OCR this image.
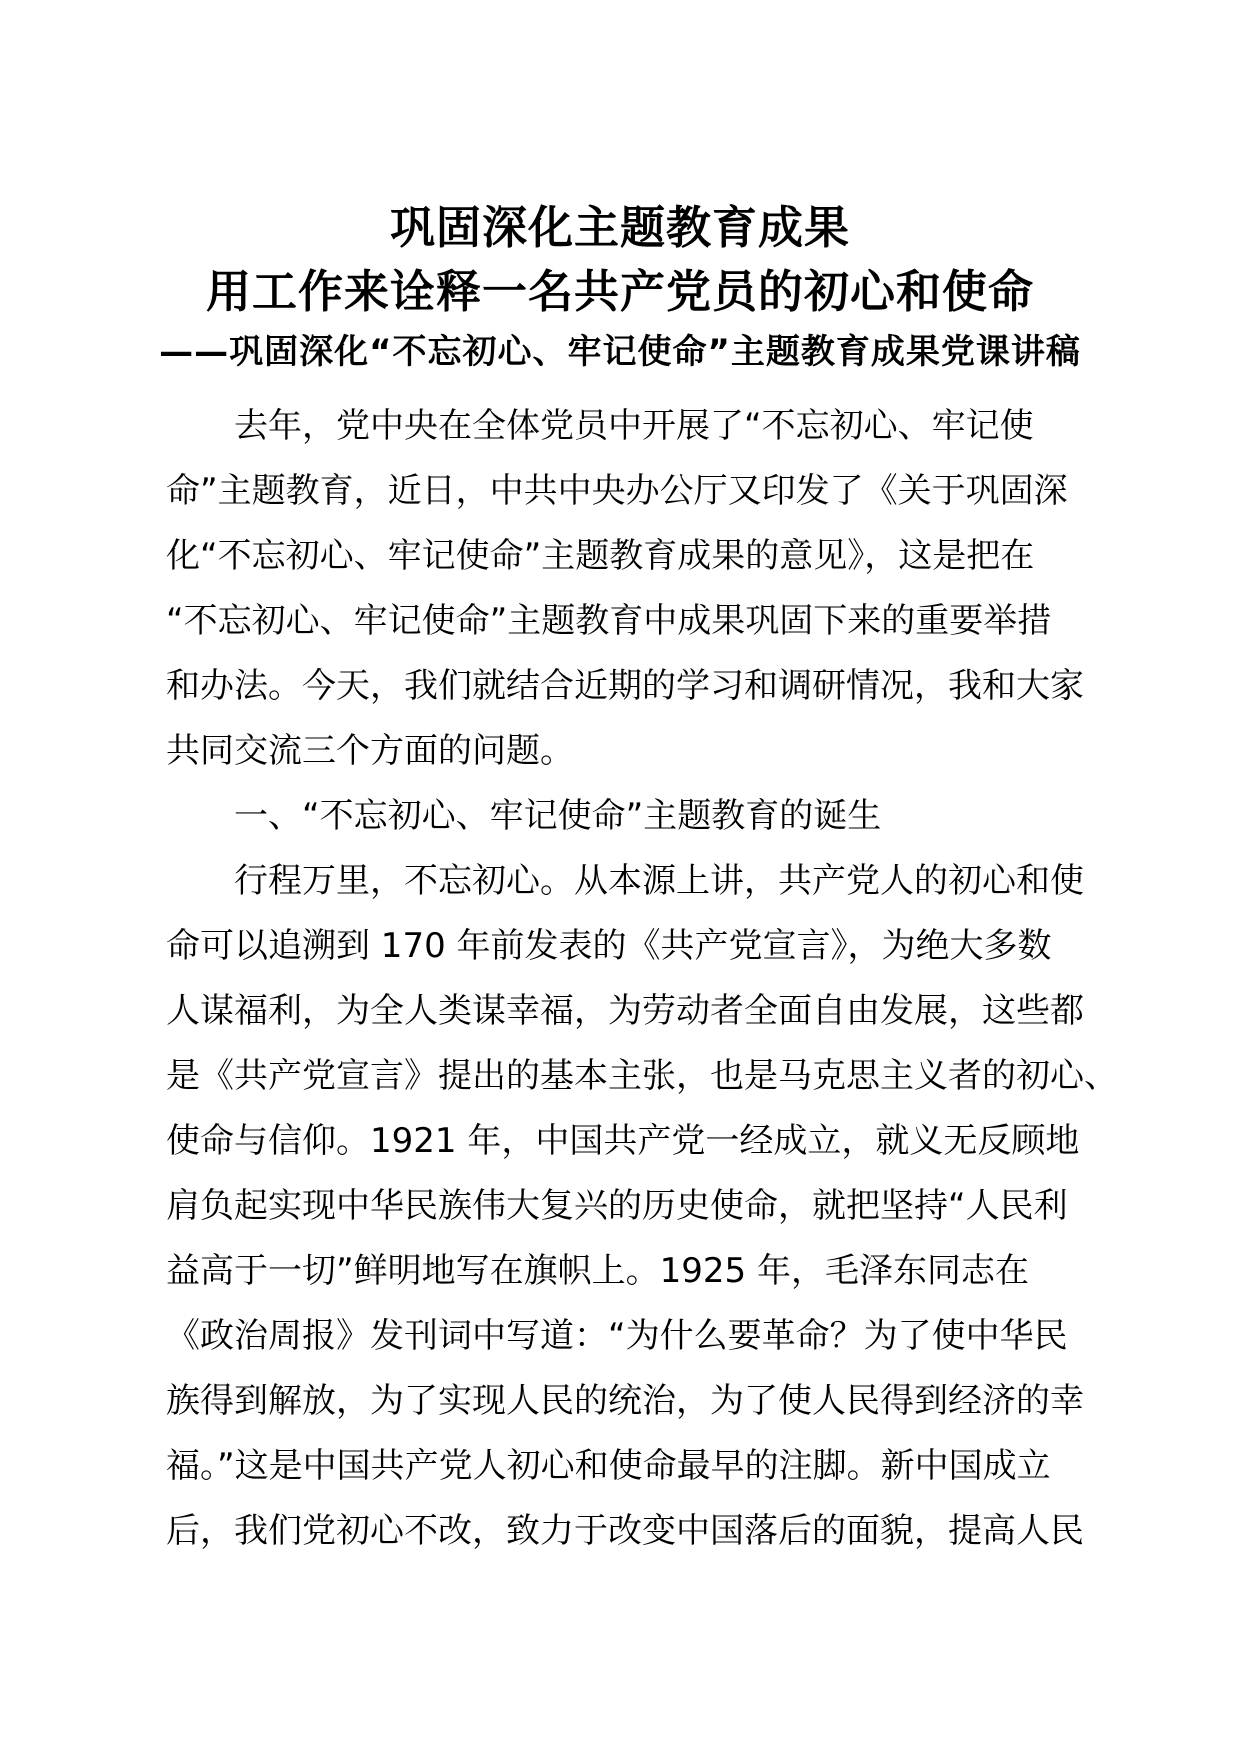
巩固深化主题教育成果
用工作来诠释一名共产党员的初心和使命
——巩固深化“不忘初心、牢记使命”主题教育成果党课讲稿
　　去年，党中央在全体党员中开展了“不忘初心、牢记使
命”主题教育，近日，中共中央办公厅又印发了《关于巩固深
化“不忘初心、牢记使命”主题教育成果的意见》，这是把在
“不忘初心、牢记使命”主题教育中成果巩固下来的重要举措
和办法。今天，我们就结合近期的学习和调研情况，我和大家
共同交流三个方面的问题。
　　一、“不忘初心、牢记使命”主题教育的诞生
　　行程万里，不忘初心。从本源上讲，共产党人的初心和使
命可以追溯到 170 年前发表的《共产党宣言》，为绝大多数
人谋福利，为全人类谋幸福，为劳动者全面自由发展，这些都
是《共产党宣言》提出的基本主张，也是马克思主义者的初心、
使命与信仰。1921 年，中国共产党一经成立，就义无反顾地
肩负起实现中华民族伟大复兴的历史使命，就把坚持“人民利
益高于一切”鲜明地写在旗帜上。1925 年，毛泽东同志在
《政治周报》发刊词中写道：“为什么要革命？为了使中华民
族得到解放，为了实现人民的统治，为了使人民得到经济的幸
福。”这是中国共产党人初心和使命最早的注脚。新中国成立
后，我们党初心不改，致力于改变中国落后的面貌，提高人民
